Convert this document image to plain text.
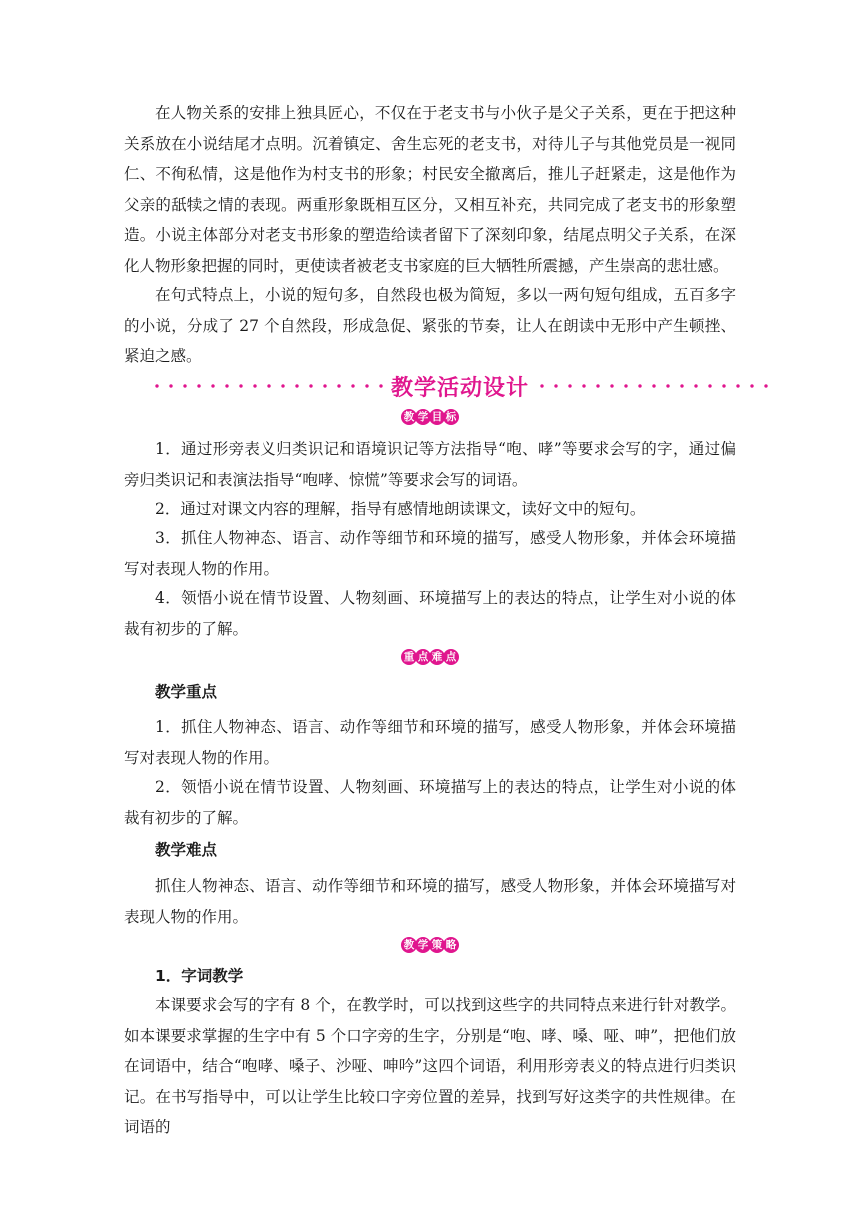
在人物关系的安排上独具匠心，不仅在于老支书与小伙子是父子关系，更在于把这种关系放在小说结尾才点明。沉着镇定、舍生忘死的老支书，对待儿子与其他党员是一视同仁、不徇私情，这是他作为村支书的形象；村民安全撤离后，推儿子赶紧走，这是他作为父亲的舐犊之情的表现。两重形象既相互区分，又相互补充，共同完成了老支书的形象塑造。小说主体部分对老支书形象的塑造给读者留下了深刻印象，结尾点明父子关系，在深化人物形象把握的同时，更使读者被老支书家庭的巨大牺牲所震撼，产生崇高的悲壮感。

在句式特点上，小说的短句多，自然段也极为简短，多以一两句短句组成，五百多字的小说，分成了 27 个自然段，形成急促、紧张的节奏，让人在朗读中无形中产生顿挫、紧迫之感。

教学活动设计
教 学 目 标

1．通过形旁表义归类识记和语境识记等方法指导“咆、哮”等要求会写的字，通过偏旁归类识记和表演法指导“咆哮、惊慌”等要求会写的词语。

2．通过对课文内容的理解，指导有感情地朗读课文，读好文中的短句。

3．抓住人物神态、语言、动作等细节和环境的描写，感受人物形象，并体会环境描写对表现人物的作用。

4．领悟小说在情节设置、人物刻画、环境描写上的表达的特点，让学生对小说的体裁有初步的了解。

重 点 难 点

教学重点

1．抓住人物神态、语言、动作等细节和环境的描写，感受人物形象，并体会环境描写对表现人物的作用。

2．领悟小说在情节设置、人物刻画、环境描写上的表达的特点，让学生对小说的体裁有初步的了解。

教学难点

抓住人物神态、语言、动作等细节和环境的描写，感受人物形象，并体会环境描写对表现人物的作用。

教 学 策 略

1．字词教学

本课要求会写的字有 8 个，在教学时，可以找到这些字的共同特点来进行针对教学。如本课要求掌握的生字中有 5 个口字旁的生字，分别是“咆、哮、嗓、哑、呻”，把他们放在词语中，结合“咆哮、嗓子、沙哑、呻吟”这四个词语，利用形旁表义的特点进行归类识记。在书写指导中，可以让学生比较口字旁位置的差异，找到写好这类字的共性规律。在词语的
